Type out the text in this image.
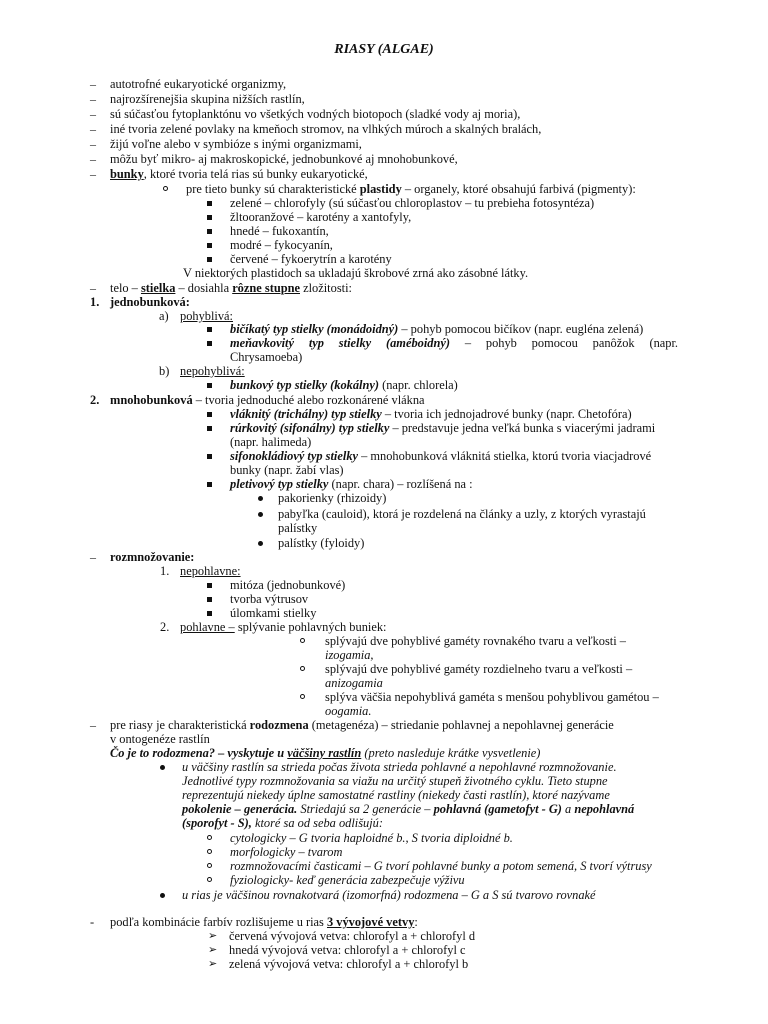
RIASY (ALGAE)
– autotrofné eukaryotické organizmy,
– najrozšírenejšia skupina nižších rastlín,
– sú súčasťou fytoplanktónu vo všetkých vodných biotopoch (sladké vody aj moria),
– iné tvoria zelené povlaky na kmeňoch stromov, na vlhkých múroch a skalných bralách,
– žijú voľne alebo v symbióze s inými organizmami,
– môžu byť mikro- aj makroskopické, jednobunkové aj mnohobunkové,
– bunky, ktoré tvoria telá rias sú bunky eukaryotické,
pre tieto bunky sú charakteristické plastidy – organely, ktoré obsahujú farbivá (pigmenty):
zelené – chlorofyly (sú súčasťou chloroplastov – tu prebieha fotosyntéza)
žltooranžové – karotény a xantofyly,
hnedé – fukoxantín,
modré – fykocyanín,
červené – fykoerytrín a karotény
V niektorých plastidoch sa ukladajú škrobové zrná ako zásobné látky.
– telo – stielka – dosiahla rôzne stupne zložitosti:
1. jednobunková:
a) pohyblivá:
bičíkatý typ stielky (monádoidný) – pohyb pomocou bičíkov (napr. eugléna zelená)
meňavkovitý typ stielky (améboidný) – pohyb pomocou panôžok (napr.
Chrysamoeba)
b) nepohyblivá:
bunkový typ stielky (kokálny) (napr. chlorela)
2. mnohobunková – tvoria jednoduché alebo rozkonárené vlákna
vláknitý (trichálny) typ stielky – tvoria ich jednojadrové bunky (napr. Chetofóra)
rúrkovitý (sifonálny) typ stielky – predstavuje jedna veľká bunka s viacerými jadrami
(napr. halimeda)
sifonokládiový typ stielky – mnohobunková vláknitá stielka, ktorú tvoria viacjadrové
bunky (napr. žabí vlas)
pletivový typ stielky (napr. chara) – rozlíšená na :
pakorienky (rhizoidy)
pabyľka (cauloid), ktorá je rozdelená na články a uzly, z ktorých vyrastajú
palístky
palístky (fyloidy)
– rozmnožovanie:
1. nepohlavne:
mitóza (jednobunkové)
tvorba výtrusov
úlomkami stielky
2. pohlavne – splývanie pohlavných buniek:
splývajú dve pohyblivé gaméty rovnakého tvaru a veľkosti –
izogamia,
splývajú dve pohyblivé gaméty rozdielneho tvaru a veľkosti –
anizogamia
splýva väčšia nepohyblivá gaméta s menšou pohyblivou gamétou –
oogamia.
– pre riasy je charakteristická rodozmena (metagenéza) – striedanie pohlavnej a nepohlavnej generácie
v ontogenéze rastlín
Čo je to rodozmena? – vyskytuje u väčšiny rastlín (preto nasleduje krátke vysvetlenie)
u väčšiny rastlín sa strieda počas života strieda pohlavné a nepohlavné rozmnožovanie.
Jednotlivé typy rozmnožovania sa viažu na určitý stupeň životného cyklu. Tieto stupne
reprezentujú niekedy úplne samostatné rastliny (niekedy časti rastlín), ktoré nazývame
pokolenie – generácia. Striedajú sa 2 generácie – pohlavná (gametofyt - G) a nepohlavná
(sporofyt - S), ktoré sa od seba odlišujú:
cytologicky – G tvoria haploidné b., S tvoria diploidné b.
morfologicky – tvarom
rozmnožovacími časticami – G tvorí pohlavné bunky a potom semená, S tvorí výtrusy
fyziologicky- keď generácia zabezpečuje výživu
u rias je väčšinou rovnakotvará (izomorfná) rodozmena – G a S sú tvarovo rovnaké
- podľa kombinácie farbív rozlišujeme u rias 3 vývojové vetvy:
➢ červená vývojová vetva: chlorofyl a + chlorofyl d
➢ hnedá vývojová vetva: chlorofyl a + chlorofyl c
➢ zelená vývojová vetva: chlorofyl a + chlorofyl b
